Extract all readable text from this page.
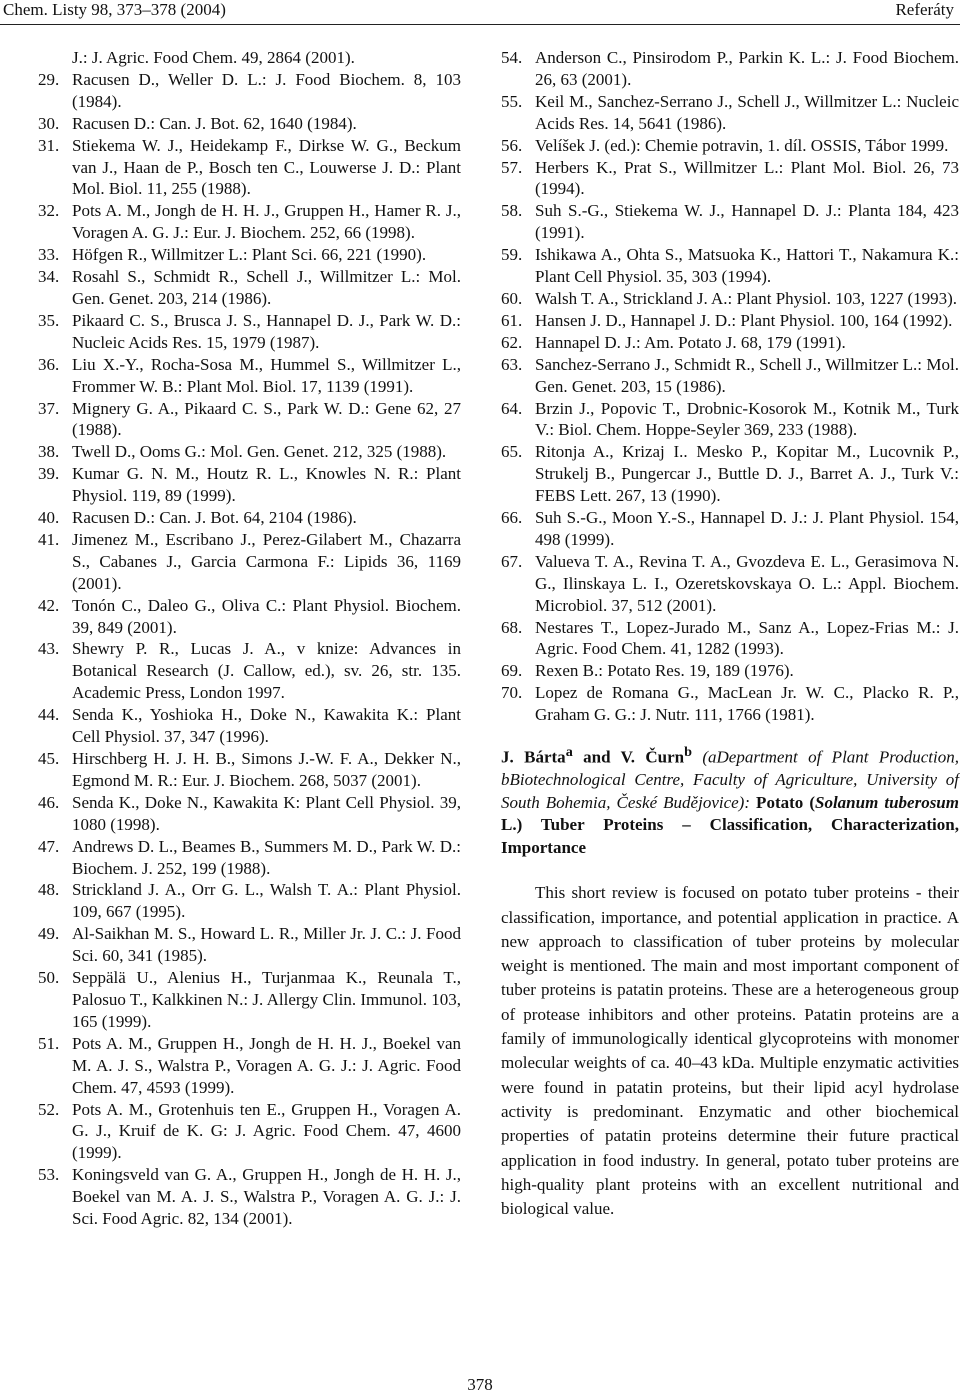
Chem. Listy 98, 373–378 (2004)	Referáty
J.: J. Agric. Food Chem. 49, 2864 (2001).
29. Racusen D., Weller D. L.: J. Food Biochem. 8, 103 (1984).
30. Racusen D.: Can. J. Bot. 62, 1640 (1984).
31. Stiekema W. J., Heidekamp F., Dirkse W. G., Beckum van J., Haan de P., Bosch ten C., Louwerse J. D.: Plant Mol. Biol. 11, 255 (1988).
32. Pots A. M., Jongh de H. H. J., Gruppen H., Hamer R. J., Voragen A. G. J.: Eur. J. Biochem. 252, 66 (1998).
33. Höfgen R., Willmitzer L.: Plant Sci. 66, 221 (1990).
34. Rosahl S., Schmidt R., Schell J., Willmitzer L.: Mol. Gen. Genet. 203, 214 (1986).
35. Pikaard C. S., Brusca J. S., Hannapel D. J., Park W. D.: Nucleic Acids Res. 15, 1979 (1987).
36. Liu X.-Y., Rocha-Sosa M., Hummel S., Willmitzer L., Frommer W. B.: Plant Mol. Biol. 17, 1139 (1991).
37. Mignery G. A., Pikaard C. S., Park W. D.: Gene 62, 27 (1988).
38. Twell D., Ooms G.: Mol. Gen. Genet. 212, 325 (1988).
39. Kumar G. N. M., Houtz R. L., Knowles N. R.: Plant Physiol. 119, 89 (1999).
40. Racusen D.: Can. J. Bot. 64, 2104 (1986).
41. Jimenez M., Escribano J., Perez-Gilabert M., Chazarra S., Cabanes J., Garcia Carmona F.: Lipids 36, 1169 (2001).
42. Tonón C., Daleo G., Oliva C.: Plant Physiol. Biochem. 39, 849 (2001).
43. Shewry P. R., Lucas J. A., v knize: Advances in Botanical Research (J. Callow, ed.), sv. 26, str. 135. Academic Press, London 1997.
44. Senda K., Yoshioka H., Doke N., Kawakita K.: Plant Cell Physiol. 37, 347 (1996).
45. Hirschberg H. J. H. B., Simons J.-W. F. A., Dekker N., Egmond M. R.: Eur. J. Biochem. 268, 5037 (2001).
46. Senda K., Doke N., Kawakita K: Plant Cell Physiol. 39, 1080 (1998).
47. Andrews D. L., Beames B., Summers M. D., Park W. D.: Biochem. J. 252, 199 (1988).
48. Strickland J. A., Orr G. L., Walsh T. A.: Plant Physiol. 109, 667 (1995).
49. Al-Saikhan M. S., Howard L. R., Miller Jr. J. C.: J. Food Sci. 60, 341 (1985).
50. Seppälä U., Alenius H., Turjanmaa K., Reunala T., Palosuo T., Kalkkinen N.: J. Allergy Clin. Immunol. 103, 165 (1999).
51. Pots A. M., Gruppen H., Jongh de H. H. J., Boekel van M. A. J. S., Walstra P., Voragen A. G. J.: J. Agric. Food Chem. 47, 4593 (1999).
52. Pots A. M., Grotenhuis ten E., Gruppen H., Voragen A. G. J., Kruif de K. G: J. Agric. Food Chem. 47, 4600 (1999).
53. Koningsveld van G. A., Gruppen H., Jongh de H. H. J., Boekel van M. A. J. S., Walstra P., Voragen A. G. J.: J. Sci. Food Agric. 82, 134 (2001).
54. Anderson C., Pinsirodom P., Parkin K. L.: J. Food Biochem. 26, 63 (2001).
55. Keil M., Sanchez-Serrano J., Schell J., Willmitzer L.: Nucleic Acids Res. 14, 5641 (1986).
56. Velíšek J. (ed.): Chemie potravin, 1. díl. OSSIS, Tábor 1999.
57. Herbers K., Prat S., Willmitzer L.: Plant Mol. Biol. 26, 73 (1994).
58. Suh S.-G., Stiekema W. J., Hannapel D. J.: Planta 184, 423 (1991).
59. Ishikawa A., Ohta S., Matsuoka K., Hattori T., Nakamura K.: Plant Cell Physiol. 35, 303 (1994).
60. Walsh T. A., Strickland J. A.: Plant Physiol. 103, 1227 (1993).
61. Hansen J. D., Hannapel J. D.: Plant Physiol. 100, 164 (1992).
62. Hannapel D. J.: Am. Potato J. 68, 179 (1991).
63. Sanchez-Serrano J., Schmidt R., Schell J., Willmitzer L.: Mol. Gen. Genet. 203, 15 (1986).
64. Brzin J., Popovic T., Drobnic-Kosorok M., Kotnik M., Turk V.: Biol. Chem. Hoppe-Seyler 369, 233 (1988).
65. Ritonja A., Krizaj I.. Mesko P., Kopitar M., Lucovnik P., Strukelj B., Pungercar J., Buttle D. J., Barret A. J., Turk V.: FEBS Lett. 267, 13 (1990).
66. Suh S.-G., Moon Y.-S., Hannapel D. J.: J. Plant Physiol. 154, 498 (1999).
67. Valueva T. A., Revina T. A., Gvozdeva E. L., Gerasimova N. G., Ilinskaya L. I., Ozeretskovskaya O. L.: Appl. Biochem. Microbiol. 37, 512 (2001).
68. Nestares T., Lopez-Jurado M., Sanz A., Lopez-Frias M.: J. Agric. Food Chem. 41, 1282 (1993).
69. Rexen B.: Potato Res. 19, 189 (1976).
70. Lopez de Romana G., MacLean Jr. W. C., Placko R. P., Graham G. G.: J. Nutr. 111, 1766 (1981).
J. Bárta$^a$ and V. Čurn$^b$ (aDepartment of Plant Production, bBiotechnological Centre, Faculty of Agriculture, University of South Bohemia, České Budějovice): Potato (Solanum tuberosum L.) Tuber Proteins – Classification, Characterization, Importance
This short review is focused on potato tuber proteins - their classification, importance, and potential application in practice. A new approach to classification of tuber proteins by molecular weight is mentioned. The main and most important component of tuber proteins is patatin proteins. These are a heterogeneous group of protease inhibitors and other proteins. Patatin proteins are a family of immunologically identical glycoproteins with monomer molecular weights of ca. 40–43 kDa. Multiple enzymatic activities were found in patatin proteins, but their lipid acyl hydrolase activity is predominant. Enzymatic and other biochemical properties of patatin proteins determine their future practical application in food industry. In general, potato tuber proteins are high-quality plant proteins with an excellent nutritional and biological value.
378
